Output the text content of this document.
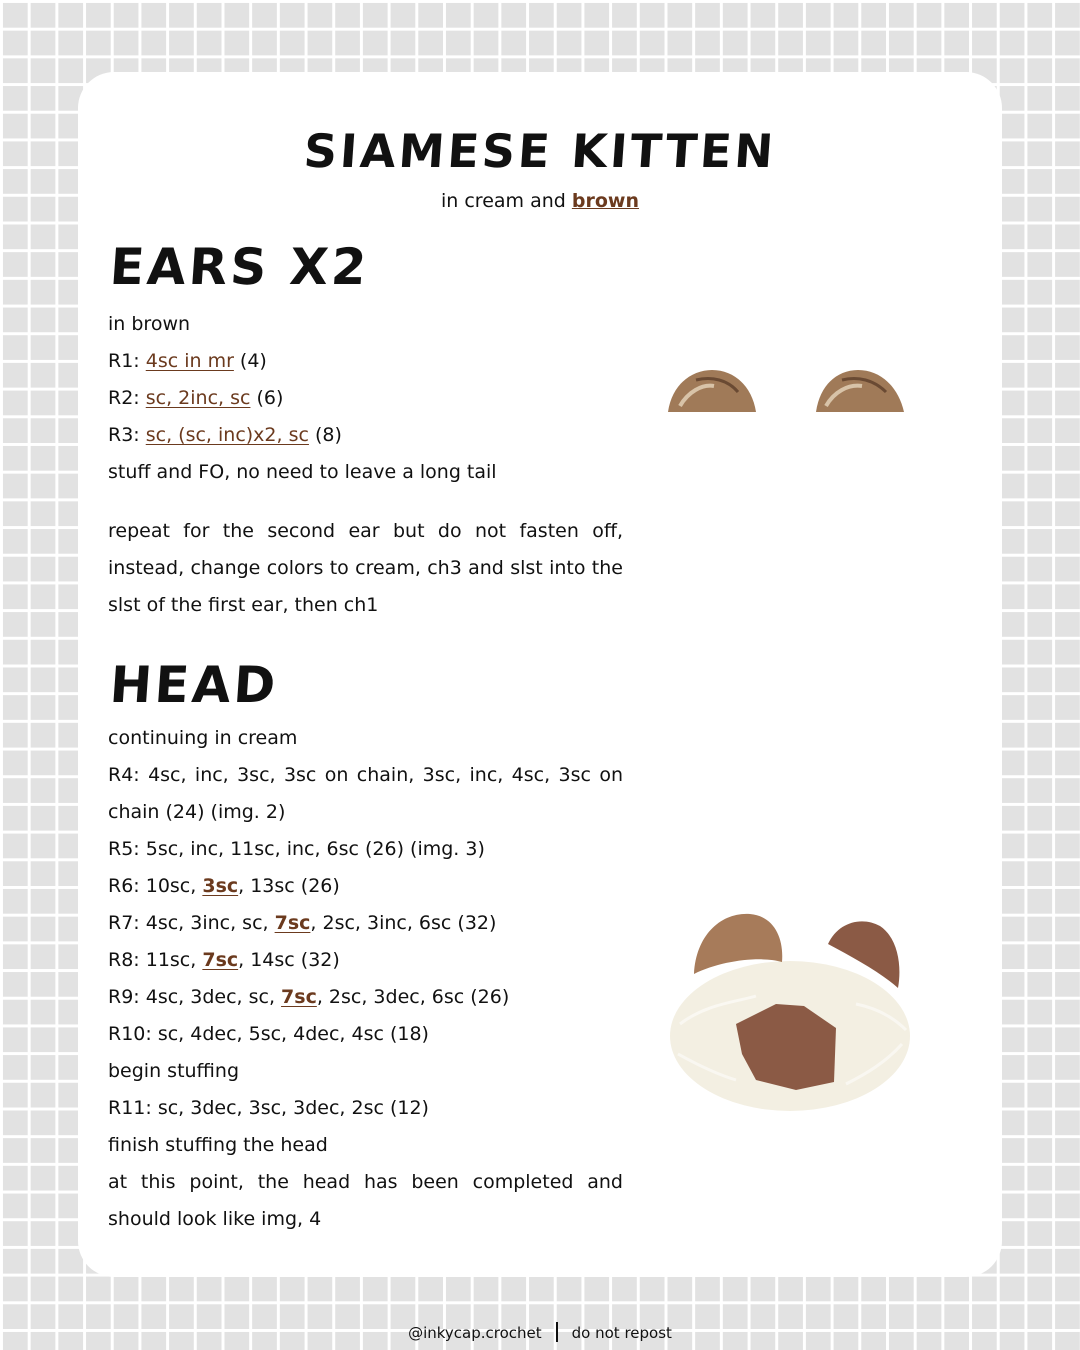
SIAMESE KITTEN
in cream and brown
EARS X2
in brown
R1: 4sc in mr (4)
R2: sc, 2inc, sc (6)
R3: sc, (sc, inc)x2, sc (8)
stuff and FO, no need to leave a long tail
repeat for the second ear but do not fasten off, instead, change colors to cream, ch3 and slst into the slst of the first ear, then ch1
HEAD
continuing in cream
R4: 4sc, inc, 3sc, 3sc on chain, 3sc, inc, 4sc, 3sc on chain (24) (img. 2)
R5: 5sc, inc, 11sc, inc, 6sc (26) (img. 3)
R6: 10sc, 3sc, 13sc (26)
R7: 4sc, 3inc, sc, 7sc, 2sc, 3inc, 6sc (32)
R8: 11sc, 7sc, 14sc (32)
R9: 4sc, 3dec, sc, 7sc, 2sc, 3dec, 6sc (26)
R10: sc, 4dec, 5sc, 4dec, 4sc (18)
begin stuffing
R11: sc, 3dec, 3sc, 3dec, 2sc (12)
finish stuffing the head
at this point, the head has been completed and should look like img, 4
@inkycap.crochet do not repost
